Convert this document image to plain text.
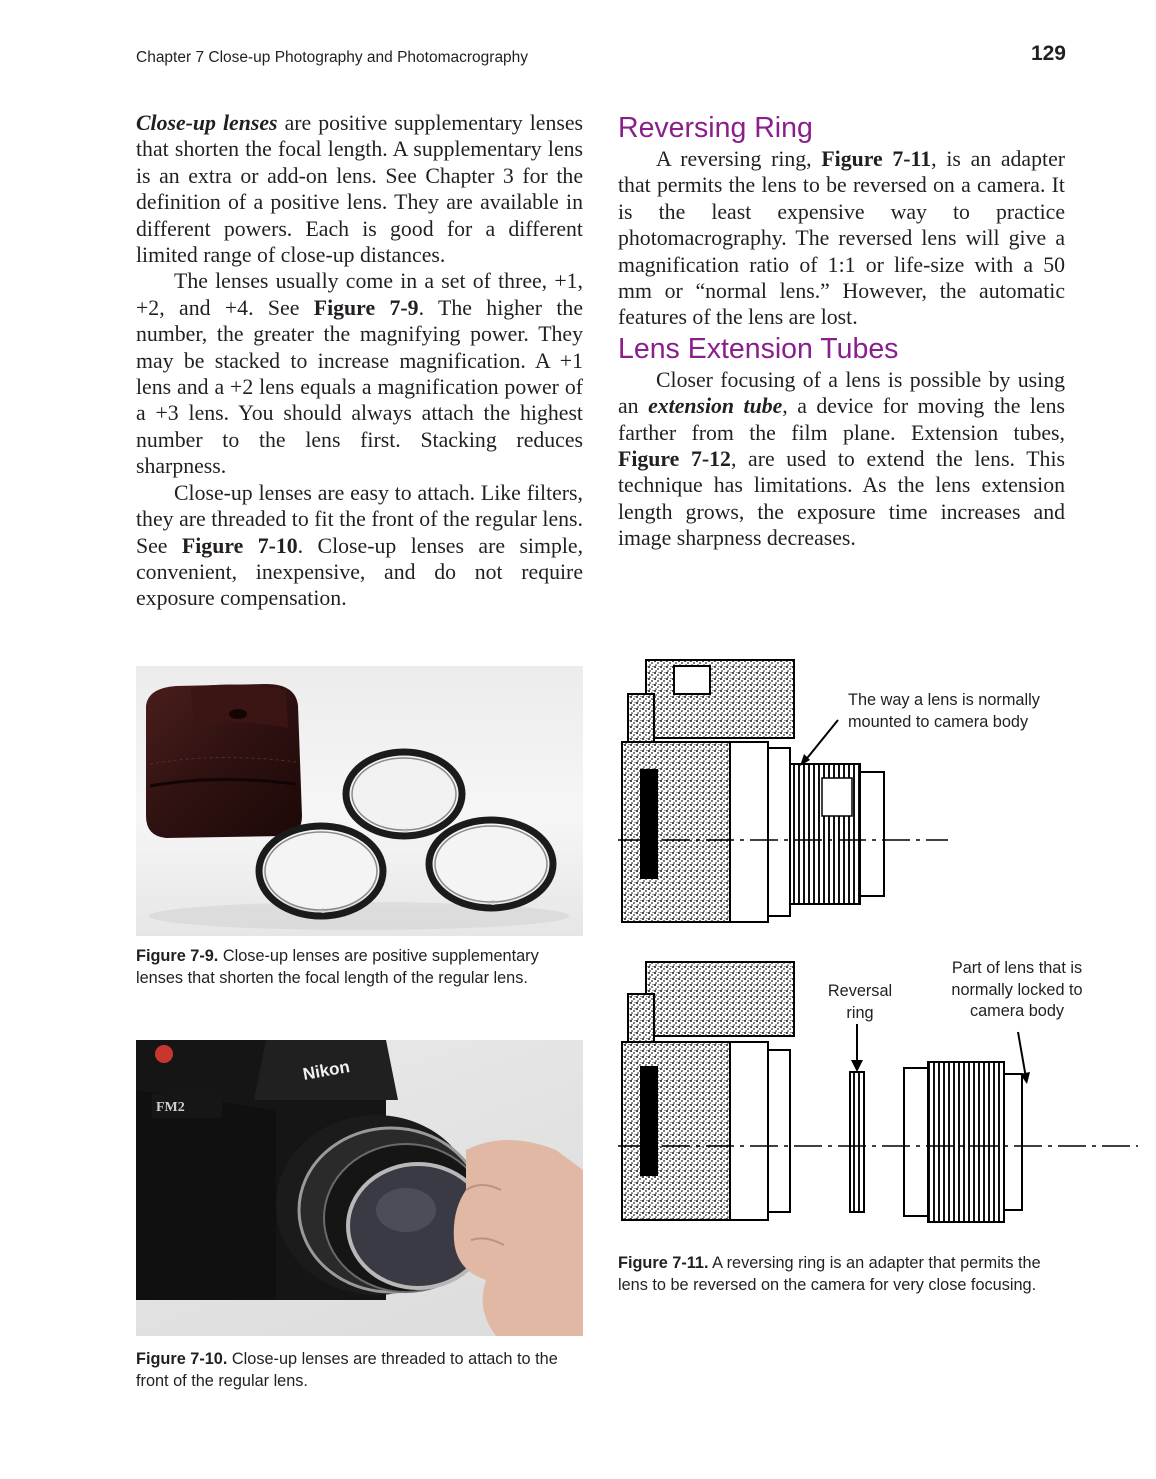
Chapter 7 Close-up Photography and Photomacrography	129

Close-up lenses are positive supplementary lenses that shorten the focal length. A supplementary lens is an extra or add-on lens. See Chapter 3 for the definition of a positive lens. They are available in different powers. Each is good for a different limited range of close-up distances.

The lenses usually come in a set of three, +1, +2, and +4. See Figure 7-9. The higher the number, the greater the magnifying power. They may be stacked to increase magnification. A +1 lens and a +2 lens equals a magnification power of a +3 lens. You should always attach the highest number to the lens first. Stacking reduces sharpness.

Close-up lenses are easy to attach. Like filters, they are threaded to fit the front of the regular lens. See Figure 7-10. Close-up lenses are simple, convenient, inexpensive, and do not require exposure compensation.

Reversing Ring

A reversing ring, Figure 7-11, is an adapter that permits the lens to be reversed on a camera. It is the least expensive way to practice photomacrography. The reversed lens will give a magnification ratio of 1:1 or life-size with a 50 mm or “normal lens.” However, the automatic features of the lens are lost.

Lens Extension Tubes

Closer focusing of a lens is possible by using an extension tube, a device for moving the lens farther from the film plane. Extension tubes, Figure 7-12, are used to extend the lens. This technique has limitations. As the lens extension length grows, the exposure time increases and image sharpness decreases.

+4
+1
+2
Figure 7-9. Close-up lenses are positive supplementary lenses that shorten the focal length of the regular lens.
FM2
Nikon
Figure 7-10. Close-up lenses are threaded to attach to the front of the regular lens.
The way a lens is normally mounted to camera body
Reversal ring
Part of lens that is normally locked to camera body
Figure 7-11. A reversing ring is an adapter that permits the lens to be reversed on the camera for very close focusing.
